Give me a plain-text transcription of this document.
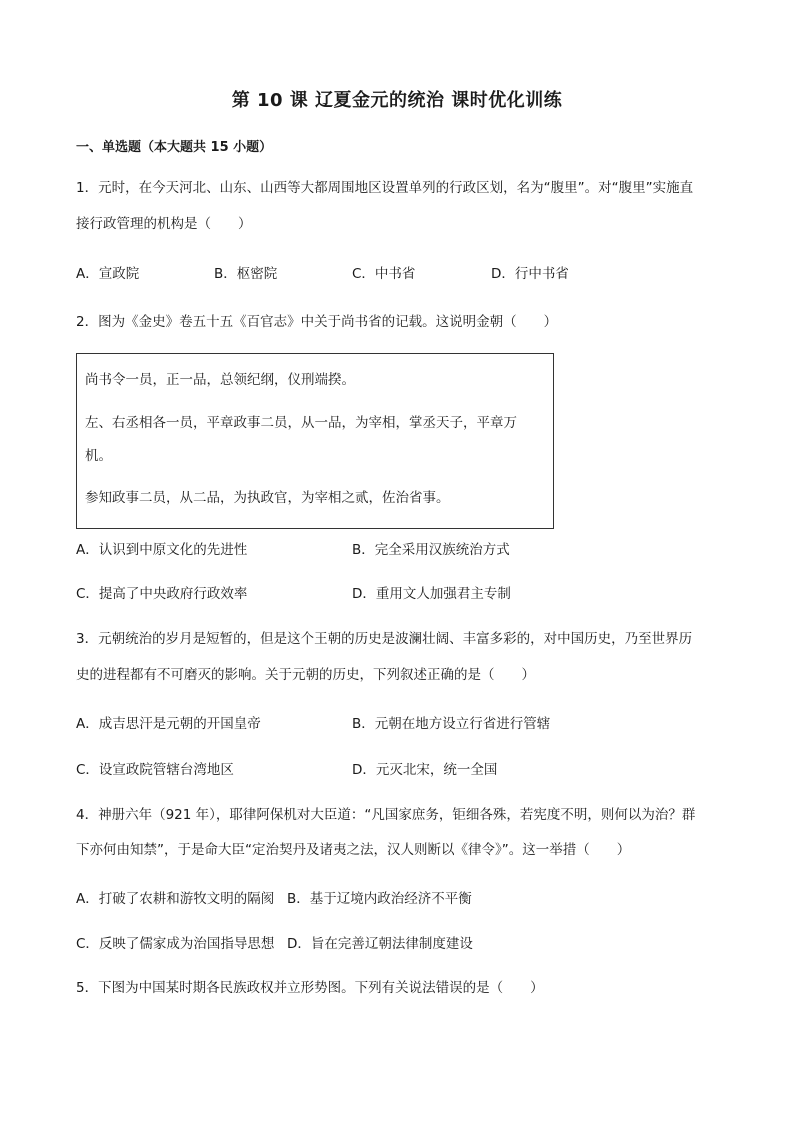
第 10 课 辽夏金元的统治 课时优化训练
一、单选题（本大题共 15 小题）
1．元时，在今天河北、山东、山西等大都周围地区设置单列的行政区划，名为“腹里”。对“腹里”实施直
接行政管理的机构是（　　）
A．宣政院	B．枢密院	C．中书省	D．行中书省
2．图为《金史》卷五十五《百官志》中关于尚书省的记载。这说明金朝（　　）
尚书令一员，正一品，总领纪纲，仪刑端揆。
左、右丞相各一员，平章政事二员，从一品，为宰相，掌丞天子，平章万
机。
参知政事二员，从二品，为执政官，为宰相之贰，佐治省事。
A．认识到中原文化的先进性	B．完全采用汉族统治方式
C．提高了中央政府行政效率	D．重用文人加强君主专制
3．元朝统治的岁月是短暂的，但是这个王朝的历史是波澜壮阔、丰富多彩的，对中国历史，乃至世界历
史的进程都有不可磨灭的影响。关于元朝的历史，下列叙述正确的是（　　）
A．成吉思汗是元朝的开国皇帝	B．元朝在地方设立行省进行管辖
C．设宣政院管辖台湾地区	D．元灭北宋，统一全国
4．神册六年（921 年），耶律阿保机对大臣道：“凡国家庶务，钜细各殊，若宪度不明，则何以为治？群
下亦何由知禁”，于是命大臣“定治契丹及诸夷之法，汉人则断以《律令》”。这一举措（　　）
A．打破了农耕和游牧文明的隔阂 B．基于辽境内政治经济不平衡
C．反映了儒家成为治国指导思想 D．旨在完善辽朝法律制度建设
5．下图为中国某时期各民族政权并立形势图。下列有关说法错误的是（　　）
